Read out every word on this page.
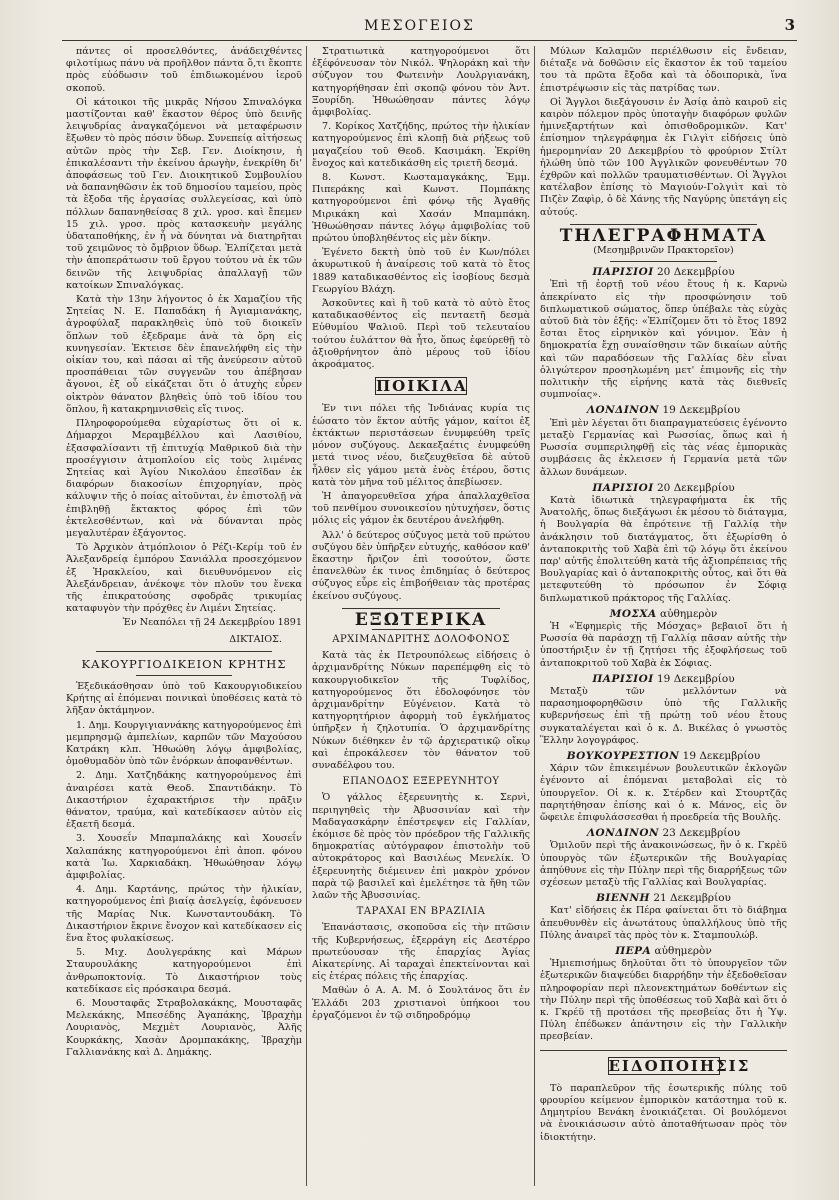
ΜΕΣΟΓΕΙΟΣ	3

πάντες οἱ προσελθόντες, ἀνάδειχθέντες φιλοτίμως πάνυ νὰ προῆλθον πάντα ὅ,τι ἔκοπτε πρὸς εὐόδωσιν τοῦ ἐπιδιωκομένου ἱεροῦ σκοποῦ.

Οἱ κάτοικοι τῆς μικρᾶς Νήσου Σπιναλόγκα μαστίζονται καθ' ἕκαστον θέρος ὑπὸ δεινῆς λειψυδρίας ἀναγκαζόμενοι νὰ μεταφέρωσιν ἔξωθεν τὸ πρὸς πόσιν ὕδωρ. Συνεπείᾳ αἰτήσεως αὐτῶν πρὸς τὴν Σεβ. Γεν. Διοίκησιν, ἡ ἐπικαλέσαντι τὴν ἐκείνου ἀρωγὴν, ἐνεκρίθη δι' ἀποφάσεως τοῦ Γεν. Διοικητικοῦ Συμβουλίου νὰ δαπανηθῶσιν ἐκ τοῦ δημοσίου ταμείου, πρὸς τὰ ἔξοδα τῆς ἐργασίας συλλεγείσας, καὶ ὑπὸ πόλλων δαπανηθείσας 8 χιλ. γροσ. καὶ ἔπεμεν 15 χιλ. γροσ. πρὸς κατασκευὴν μεγάλης ὑδαταποθήκης, ἐν ἧ νὰ δύνηται νὰ διατηρῆται τοῦ χειμῶνος τὸ ὄμβριον ὕδωρ. Ἐλπίζεται μετὰ τὴν ἀποπεράτωσιν τοῦ ἔργου τούτου νὰ ἐκ τῶν δεινῶν τῆς λειψυδρίας ἀπαλλαγῇ τῶν κατοίκων Σπιναλόγκας.

Κατὰ τὴν 13ην λήγοντος ὁ ἐκ Χαμαζίου τῆς Σητείας Ν. Ε. Παπαδάκη ἡ Ἀγιαμιανάκης, ἀγροφύλαξ παρακληθεὶς ὑπὸ τοῦ διοικεῖν ὅπλων τοῦ ἐξεδραμε ἀνὰ τὰ ὄρη εἰς κυνηγεσίαν. Ἐκτεισε δὲν ἐπανελήφθη εἰς τὴν οἰκίαν του, καὶ πάσαι αἱ τῆς ἀνεύρεσιν αὐτοῦ προσπάθειαι τῶν συγγενῶν του ἀπέβησαν ἄγονοι, ἐξ οὗ εἰκάζεται ὅτι ὁ ἀτυχὴς εὗρεν οἰκτρὸν θάνατον βληθεὶς ὑπὸ τοῦ ἰδίου του ὅπλου, ἢ κατακρημνισθεὶς εἴς τινος.

Πληροφορούμεθα εὐχαρίστως ὅτι οἱ κ. Δήμαρχοι Μεραμβέλλου καὶ Λασιθίου, ἐξασφαλίσαντι τῇ ἐπιτυχίᾳ Μαθρικοῦ διὰ τὴν προσέγγισιν ἀτμοπλοίου εἰς τοὺς λιμένας Σητείας καὶ Ἁγίου Νικολάου ἐπεσῖδαν ἐκ διαφόρων διακοσίων ἐπιχορηγίαν, πρὸς κάλυψιν τῆς ὁ ποίας αἰτοῦνται, ἐν ἐπιστολῇ νὰ ἐπιβληθῇ ἔκτακτος φόρος ἐπὶ τῶν ἐκτελεσθέντων, καὶ νὰ δύνανται πρὸς μεγαλυτέραν ἐξάγοντος.

Τὸ Ἀρχικὸν ἀτμόπλοιον ὁ Ρέζι-Κερίμ τοῦ ἐν Ἀλεξανδρείᾳ ἐμπόρου Σανιάλλα προσεχόμενον ἐξ Ἡρακλείου, καὶ διευθυνόμενον εἰς Ἀλεξάνδρειαν, ἀνέκοψε τὸν πλοῦν του ἕνεκα τῆς ἐπικρατούσης σφοδρᾶς τρικυμίας καταφυγὸν τὴν πρόχθες ἐν Λιμένι Σητείας.

Ἐν Νεαπόλει τῇ 24 Δεκεμβρίου 1891
ΔΙΚΤΑΙΟΣ.
ΚΑΚΟΥΡΓΙΟΔΙΚΕΙΟΝ ΚΡΗΤΗΣ

Ἐξεδικάσθησαν ὑπὸ τοῦ Κακουργιοδικείου Κρήτης αἱ ἑπόμεναι ποινικαὶ ὑποθέσεις κατὰ τὸ λῆξαν ὀκτάμηνον.

1. Δημ. Κουργιγιαννάκης κατηγορούμενος ἐπὶ μεμπρησμῷ ἀμπελίων, καρπῶν τῶν Μαχούσου Κατράκη κλπ. Ἠθωώθη λόγῳ ἀμφιβολίας, ὁμοθυμαδὸν ὑπὸ τῶν ἐνόρκων ἀποφανθέντων.

2. Δημ. Χατζηδάκης κατηγορούμενος ἐπὶ ἀναιρέσει κατὰ Θεοδ. Σπαντιδάκην. Τὸ Δικαστήριον ἐχαρακτήρισε τὴν πρᾶξιν θάνατον, τραύμα, καὶ κατεδίκασεν αὐτὸν εἰς ἑξαετῆ δεσμά.

3. Χουσεΐν Μπαμπαλάκης καὶ Χουσεΐν Χαλαπάκης κατηγορούμενοι ἐπὶ ἀποπ. φόνου κατὰ Ἰω. Χαρκιαδάκη. Ἠθωώθησαν λόγῳ ἀμφιβολίας.

4. Δημ. Καρτάνης, πρώτος τὴν ἠλικίαν, κατηγορούμενος ἐπὶ βιαίᾳ ἀσελγείᾳ, ἐφόνευσεν τῆς Μαρίας Νικ. Κωνσταντουδάκη. Τὸ Δικαστήριον ἔκρινε ἔνοχον καὶ κατεδίκασεν εἰς ἕνα ἔτος φυλακίσεως.

5. Μιχ. Δουλγεράκης καὶ Μάρων Σταυρουλάκης κατηγορούμενοι ἐπὶ ἀνθρωποκτονίᾳ. Τὸ Δικαστήριον τοὺς κατεδίκασε εἰς πρόσκαιρα δεσμά.

6. Μουσταφᾶς Στραβολακάκης, Μουσταφᾶς Μελεκάκης, Μπεσέδης Ἀγαπάκης, Ἰβραχὴμ Λουριανὸς, Μεχμὲτ Λουριανὸς, Ἀλῆς Κουρκάκης, Χασὰν Δρομπακάκης, Ἰβραχὴμ Γαλλιανάκης καὶ Δ. Δημάκης.

Στρατιωτικὰ κατηγορούμενοι ὅτι ἐξέφόνευσαν τὸν Νικόλ. Ψηλοράκη καὶ τὴν σύζυγον του Φωτεινὴν Λουλργιανάκη, κατηγορήθησαν ἐπὶ σκοπῷ φόνου τὸν Ἀντ. Ξουρίδη. Ἠθωώθησαν πάντες λόγῳ ἀμφιβολίας.

7. Κορίκος Χατζήδης, πρώτος τὴν ἠλικίαν κατηγορούμενος ἐπὶ κλοπῇ διὰ ρήξεως τοῦ μαγαζείου τοῦ Θεοδ. Κασιμάκη. Ἐκρίθη ἔνοχος καὶ κατεδικάσθη εἰς τριετῆ δεσμά.

8. Κωνστ. Κωσταμαγκάκης, Ἐμμ. Πιπεράκης καὶ Κωνστ. Πομπάκης κατηγορούμενοι ἐπὶ φόνῳ τῆς Ἀγαθῆς Μιρικάκη καὶ Χασάν Μπαμπάκη. Ἠθωώθησαν πάντες λόγῳ ἀμφιβολίας τοῦ πρώτου ὑποβληθέντος εἰς μὲν δίκην.

Ἐγένετο δεκτὴ ὑπὸ τοῦ ἐν Κων/πόλει ἀκυρωτικοῦ ἡ ἀναίρεσις τοῦ κατὰ τὸ ἔτος 1889 καταδικασθέντος εἰς ἰσοβίους δεσμὰ Γεωργίου Βλάχη.

Ἀσκοῦντες καὶ ἢ τοῦ κατὰ τὸ αὐτὸ ἔτος καταδικασθέντος εἰς πενταετῆ δεσμὰ Εὐθυμίου Ψαλιοῦ. Περὶ τοῦ τελευταίου τούτου ἐυλάττον θὰ ἦτο, ὅπως ἐφεύρεθῇ τὸ ἀξιοθρήνητον ἀπὸ μέρους τοῦ ἰδίου ἀκροάματος.

ΠΟΙΚΙΛΑ

Ἐν τινι πόλει τῆς Ἰνδιάνας κυρία τις ἐώσατο τὸν ἕκτον αὐτῆς γάμον, καίτοι ἐξ ἐκτάκτων περιστάσεων ἐνυμφεύθη τρεῖς μόνον συζύγους. Δεκαεξαέτις ἐνυμφεύθη μετά τινος νέου, διεζευχθεῖσα δὲ αὐτοῦ ἦλθεν εἰς γάμου μετὰ ἑνὸς ἑτέρου, ὅστις κατὰ τὸν μῆνα τοῦ μέλιτος ἀπεβίωσεν.

Ἡ ἀπαγορευθεῖσα χήρα ἀπαλλαχθεῖσα τοῦ πενθίμου συνοικεσίου ηὐτυχήσεν, ὅστις μόλις εἰς γάμον ἐκ δευτέρου ἀνελήφθη.

Ἀλλ' ὁ δεύτερος σύζυγος μετὰ τοῦ πρώτου συζύγου δὲν ὑπῆρξεν εὐτυχής, καθόσον καθ' ἕκαστην ἤριζον ἐπὶ τοσούτον, ὥστε ἐπανελθὼν ἐκ τινος ἐπιδημίας ὁ δεύτερος σύζυγος εὗρε εἰς ἐπιβοήθειαν τὰς προτέρας ἐκείνου συζύγους.

ΕΞΩΤΕΡΙΚΑ
ΑΡΧΙΜΑΝΔΡΙΤΗΣ ΔΟΛΟΦΟΝΟΣ

Κατὰ τὰς ἐκ Πετρουπόλεως εἰδήσεις ὁ ἀρχιμανδρίτης Νύκων παρεπέμφθη εἰς τὸ κακουργιοδικεῖον τῆς Τυφλίδος, κατηγορούμενος ὅτι ἐδολοφόνησε τὸν ἀρχιμανδρίτην Εὐγένειον. Κατὰ τὸ κατηγορητήριον ἀφορμὴ τοῦ ἐγκλήματος ὑπῆρξεν ἡ ζηλοτυπία. Ὁ ἀρχιμανδρίτης Νύκων διέθηκεν ἐν τῷ ἀρχιερατικῷ οἴκῳ καὶ ἐπροκάλεσεν τὸν θάνατον τοῦ συναδέλφου του.

ΕΠΑΝΟΔΟΣ ΕΞΕΡΕΥΝΗΤΟΥ

Ὁ γάλλος ἐξερευνητὴς κ. Σερνὶ, περιηγηθεὶς τὴν Ἀβυσσινίαν καὶ τὴν Μαδαγασκάρην ἐπέστρεψεν εἰς Γαλλίαν, ἐκόμισε δὲ πρὸς τὸν πρόεδρον τῆς Γαλλικῆς δημοκρατίας αὐτόγραφον ἐπιστολὴν τοῦ αὐτοκράτορος καὶ Βασιλέως Μενελίκ. Ὁ ἐξερευνητὴς διέμεινεν ἐπὶ μακρὸν χρόνον παρὰ τῷ βασιλεῖ καὶ ἐμελέτησε τὰ ἤθη τῶν λαῶν τῆς Ἀβυσσινίας.

ΤΑΡΑΧΑΙ ΕΝ ΒΡΑΖΙΛΙΑ

Ἐπανάστασις, σκοποῦσα εἰς τὴν πτῶσιν τῆς Κυβερνήσεως, ἐξερράγη εἰς Δεστέρρο πρωτεύουσαν τῆς ἐπαρχίας Ἁγίας Αἰκατερίνης. Αἱ ταραχαὶ ἐπεκτείνονται καὶ εἰς ἑτέρας πόλεις τῆς ἐπαρχίας.

Μαθὼν ὁ Α. Α. Μ. ὁ Σουλτάνος ὅτι ἐν Ἑλλάδι 203 χριστιανοὶ ὑπήκοοι του ἐργαζόμενοι ἐν τῷ σιδηροδρόμῳ

Μύλων Καλαμῶν περιέλθωσιν εἰς ἔνδειαν, διέταξε νὰ δοθῶσιν εἰς ἕκαστον ἐκ τοῦ ταμείου του τὰ πρῶτα ἔξοδα καὶ τὰ ὁδοιπορικὰ, ἵνα ἐπιστρέψωσιν εἰς τὰς πατρίδας των.

Οἱ Ἄγγλοι διεξάγουσιν ἐν Ἀσίᾳ ἀπὸ καιροῦ εἰς καιρὸν πόλεμον πρὸς ὑποταγὴν διαφόρων φυλῶν ἡμινεξαρτήτων καὶ ὁπισθοδρομικῶν. Κατ' ἐπίσημον τηλεγράφημα ἐκ Γιλγὶτ εἰδήσεις ὑπὸ ἡμερομηνίαν 20 Δεκεμβρίου τὸ φρούριον Στίλτ ἠλώθη ὑπὸ τῶν 100 Ἀγγλικῶν φονευθέντων 70 ἐχθρῶν καὶ πολλῶν τραυματισθέντων. Οἱ Ἄγγλοι κατέλαβον ἐπίσης τὸ Μαγιούν-Γολγιὶτ καὶ τὸ Πιζὲν Ζαφὶρ, ὁ δὲ Χάνης τῆς Ναγύρης ὑπετάγη εἰς αὐτούς.

ΤΗΛΕΓΡΑΦΗΜΑΤΑ
(Μεσημβρινῶν Πρακτορεῖον)
ΠΑΡΙΣΙΟΙ 20 Δεκεμβρίου

Ἐπὶ τῇ ἑορτῇ τοῦ νέου ἔτους ἡ κ. Καρνὼ ἀπεκρίνατο εἰς τὴν προσφώνησιν τοῦ διπλωματικοῦ σώματος, ὅπερ ὑπέβαλε τὰς εὐχὰς αὐτοῦ διὰ τὸν ἐξῆς: «Ἐλπίζομεν ὅτι τὸ ἔτος 1892 ἔσται ἔτος εἰρηνικὸν καὶ γόνιμον. Ἐὰν ἡ δημοκρατία ἔχῃ συναίσθησιν τῶν δικαίων αὐτῆς καὶ τῶν παραδόσεων τῆς Γαλλίας δὲν εἶναι ὀλιγώτερον προσηλωμένη μετ' ἐπιμονῆς εἰς τὴν πολιτικὴν τῆς εἰρήνης κατὰ τὰς διεθνεῖς συμπνοίας».

ΛΟΝΔΙΝΟΝ 19 Δεκεμβρίου

Ἐπὶ μὲν λέγεται ὅτι διαπραγματεύσεις ἐγένοντο μεταξὺ Γερμανίας καὶ Ρωσσίας, ὅπως καὶ ἡ Ρωσσία συμπεριληφθῇ εἰς τὰς νέας ἐμπορικὰς συμβάσεις ἃς ἐκλεισεν ἡ Γερμανία μετὰ τῶν ἄλλων δυνάμεων.

ΠΑΡΙΣΙΟΙ 20 Δεκεμβρίου

Κατὰ ἰδιωτικὰ τηλεγραφήματα ἐκ τῆς Ἀνατολῆς, ὅπως διεξάγωσι ἐκ μέσου τὸ διάταγμα, ἡ Βουλγαρία θὰ ἐπρότεινε τῇ Γαλλίᾳ τὴν ἀνάκλησιν τοῦ διατάγματος, ὅτι ἐξωρίσθη ὁ ἀνταποκριτὴς τοῦ Χαβὰ ἐπὶ τῷ λόγῳ ὅτι ἐκείνου παρ' αὐτῆς ἐπολιτεύθη κατὰ τῆς ἀξιοπρέπειας τῆς Βουλγαρίας καὶ ὁ ἀνταποκριτὴς οὗτος, καὶ ὅτι θὰ μετεφυτεύθη τὸ πρόσωπον ἐν Σόφιᾳ διπλωματικοῦ πράκτορος τῆς Γαλλίας.

ΜΟΣΧΑ αὐθημερὸν

Ἡ «Ἐφημερὶς τῆς Μόσχας» βεβαιοῖ ὅτι ἡ Ρωσσία θὰ παράσχῃ τῇ Γαλλίᾳ πᾶσαν αὐτῆς τὴν ὑποστήριξιν ἐν τῇ ζητήσει τῆς ἐξοφλήσεως τοῦ ἀνταποκριτοῦ τοῦ Χαβὰ ἐκ Σόφιας.

ΠΑΡΙΣΙΟΙ 19 Δεκεμβρίου

Μεταξὺ τῶν μελλόντων νὰ παρασημοφορηθῶσιν ὑπὸ τῆς Γαλλικῆς κυβερνήσεως ἐπὶ τῇ πρώτῃ τοῦ νέου ἔτους συγκαταλέγεται καὶ ὁ κ. Δ. Βικέλας ὁ γνωστὸς Ἕλλην λογογράφος.

ΒΟΥΚΟΥΡΕΣΤΙΟΝ 19 Δεκεμβρίου

Χάριν τῶν ἐπικειμένων βουλευτικῶν ἐκλογῶν ἐγένοντο αἱ ἑπόμεναι μεταβολαὶ εἰς τὸ ὑπουργεῖον. Οἱ κ. κ. Στέρδεν καὶ Στουρτζᾶς παρητήθησαν ἐπίσης καὶ ὁ κ. Μάνος, εἰς ὃν ὤφειλε ἐπιφυλάσσεσθαι ἡ προεδρεία τῆς Βουλῆς.

ΛΟΝΔΙΝΟΝ 23 Δεκεμβρίου

Ὁμιλοῦν περὶ τῆς ἀνακοινώσεως, ἣν ὁ κ. Γκρὲϋ ὑπουργὸς τῶν ἐξωτερικῶν τῆς Βουλγαρίας ἀπηύθυνε εἰς τὴν Πύλην περὶ τῆς διαρρήξεως τῶν σχέσεων μεταξὺ τῆς Γαλλίας καὶ Βουλγαρίας.

ΒΙΕΝΝΗ 21 Δεκεμβρίου

Κατ' εἰδήσεις ἐκ Πέρα φαίνεται ὅτι τὸ διάβημα ἀπευθυνθὲν εἰς ἀνωτάτους ὑπαλλήλους ὑπὸ τῆς Πύλης ἀναιρεῖ τὰς πρὸς τὸν κ. Σταμπουλώβ.

ΠΕΡΑ αὐθημερὸν

Ἡμιεπισήμως δηλοῦται ὅτι τὸ ὑπουργεῖον τῶν ἐξωτερικῶν διαψεύδει διαρρήδην τὴν ἐξεδοθεῖσαν πληροφορίαν περὶ πλεονεκτημάτων δοθέντων εἰς τὴν Πύλην περὶ τῆς ὑποθέσεως τοῦ Χαβὰ καὶ ὅτι ὁ κ. Γκρέϋ τῇ προτάσει τῆς πρεσβείας ὅτι ἡ Ὑψ. Πύλη ἐπέδωκεν ἀπάντησιν εἰς τὴν Γαλλικὴν πρεσβείαν.

ΕΙΔΟΠΟΙΗΣΙΣ

Τὸ παραπλεῦρον τῆς ἐσωτερικῆς πύλης τοῦ φρουρίου κείμενον ἐμπορικὸν κατάστημα τοῦ κ. Δημητρίου Βενάκη ἐνοικιάζεται. Οἱ βουλόμενοι νὰ ἐνοικιάσωσιν αὐτὸ ἀποταθήτωσαν πρὸς τὸν ἰδιοκτήτην.
